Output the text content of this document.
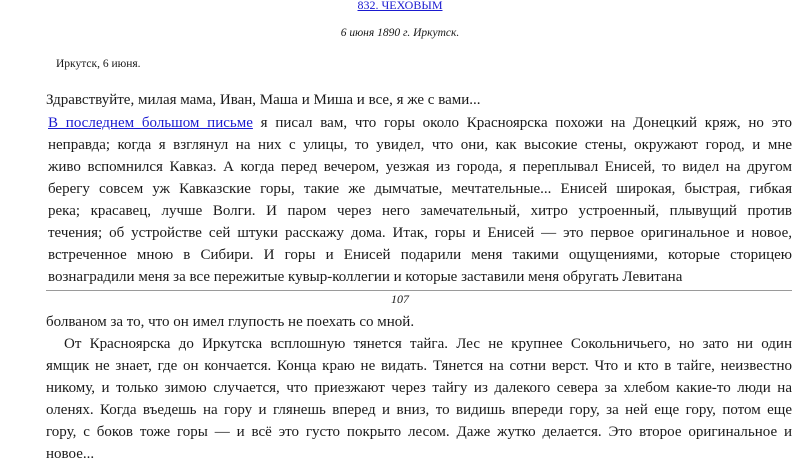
832. ЧЕХОВЫМ
6 июня 1890 г. Иркутск.
Иркутск, 6 июня.
Здравствуйте, милая мама, Иван, Маша и Миша и все, я же с вами...
В последнем большом письме я писал вам, что горы около Красноярска похожи на Донецкий кряж, но это
неправда; когда я взглянул на них с улицы, то увидел, что они, как высокие стены, окружают город, и мне
живо вспомнился Кавказ. А когда перед вечером, уезжая из города, я переплывал Енисей, то видел на другом
берегу совсем уж Кавказские горы, такие же дымчатые, мечтательные... Енисей широкая, быстрая, гибкая
река; красавец, лучше Волги. И паром через него замечательный, хитро устроенный, плывущий против
течения; об устройстве сей штуки расскажу дома. Итак, горы и Енисей — это первое оригинальное и новое,
встреченное мною в Сибири. И горы и Енисей подарили меня такими ощущениями, которые сторицею
вознаградили меня за все пережитые кувыр-коллегии и которые заставили меня обругать Левитана
107
болваном за то, что он имел глупость не поехать со мной.
От Красноярска до Иркутска всплошную тянется тайга. Лес не крупнее Сокольничьего, но зато ни один
ямщик не знает, где он кончается. Конца краю не видать. Тянется на сотни верст. Что и кто в тайге, неизвестно
никому, и только зимою случается, что приезжают через тайгу из далекого севера за хлебом какие-то люди на
оленях. Когда въедешь на гору и глянешь вперед и вниз, то видишь впереди гору, за ней еще гору, потом еще
гору, с боков тоже горы — и всё это густо покрыто лесом. Даже жутко делается. Это второе оригинальное и
новое...
